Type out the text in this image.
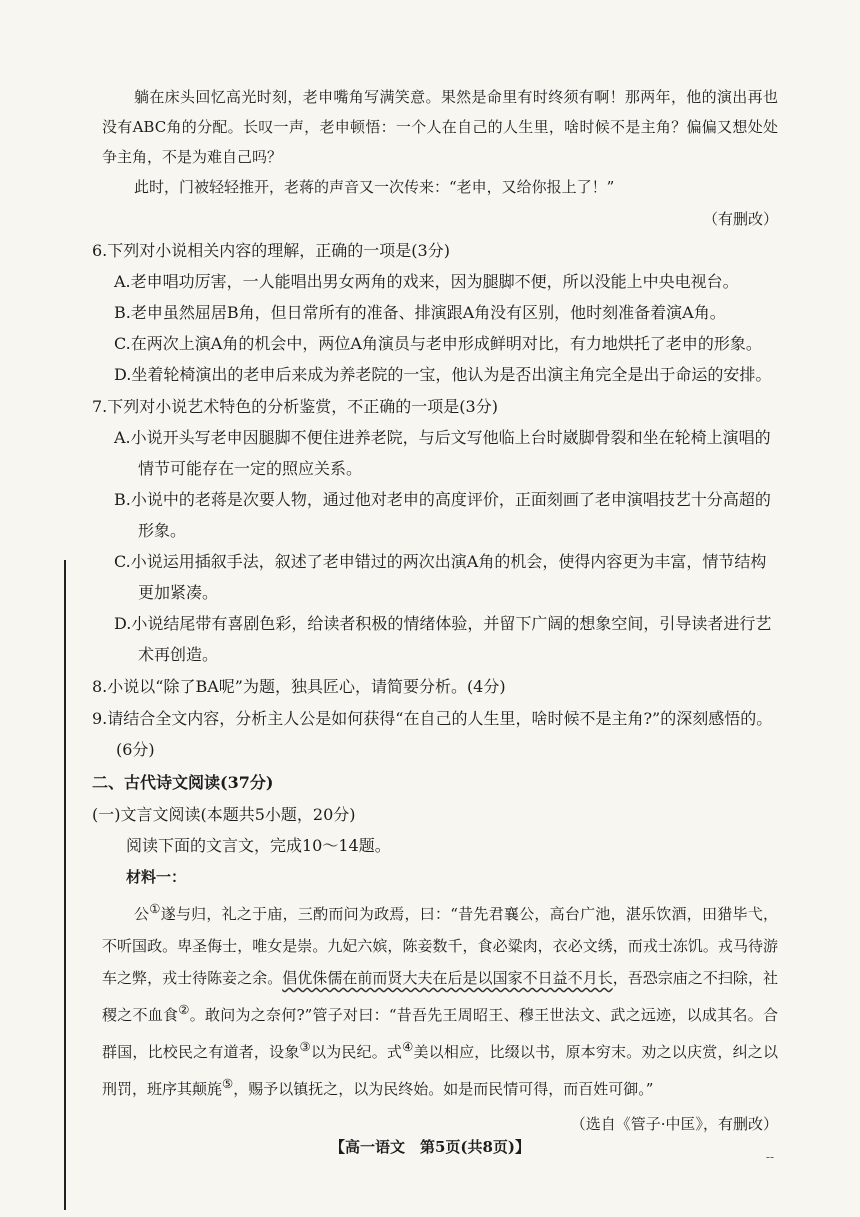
躺在床头回忆高光时刻，老申嘴角写满笑意。果然是命里有时终须有啊！那两年，他的演出再也没有ABC角的分配。长叹一声，老申顿悟：一个人在自己的人生里，啥时候不是主角？偏偏又想处处争主角，不是为难自己吗？

此时，门被轻轻推开，老蒋的声音又一次传来：“老申，又给你报上了！”

（有删改）

6.下列对小说相关内容的理解，正确的一项是(3分)

A.老申唱功厉害，一人能唱出男女两角的戏来，因为腿脚不便，所以没能上中央电视台。

B.老申虽然屈居B角，但日常所有的准备、排演跟A角没有区别，他时刻准备着演A角。

C.在两次上演A角的机会中，两位A角演员与老申形成鲜明对比，有力地烘托了老申的形象。

D.坐着轮椅演出的老申后来成为养老院的一宝，他认为是否出演主角完全是出于命运的安排。

7.下列对小说艺术特色的分析鉴赏，不正确的一项是(3分)

A.小说开头写老申因腿脚不便住进养老院，与后文写他临上台时崴脚骨裂和坐在轮椅上演唱的情节可能存在一定的照应关系。

B.小说中的老蒋是次要人物，通过他对老申的高度评价，正面刻画了老申演唱技艺十分高超的形象。

C.小说运用插叙手法，叙述了老申错过的两次出演A角的机会，使得内容更为丰富，情节结构更加紧凑。

D.小说结尾带有喜剧色彩，给读者积极的情绪体验，并留下广阔的想象空间，引导读者进行艺术再创造。

8.小说以“除了BA呢”为题，独具匠心，请简要分析。(4分)

9.请结合全文内容，分析主人公是如何获得“在自己的人生里，啥时候不是主角?”的深刻感悟的。(6分)

二、古代诗文阅读(37分)

(一)文言文阅读(本题共5小题，20分)

阅读下面的文言文，完成10～14题。

材料一：

公①遂与归，礼之于庙，三酌而问为政焉，曰：“昔先君襄公，高台广池，湛乐饮酒，田猎毕弋，不听国政。卑圣侮士，唯女是崇。九妃六嫔，陈妾数千，食必粱肉，衣必文绣，而戎士冻饥。戎马待游车之弊，戎士待陈妾之余。倡优侏儒在前而贤大夫在后是以国家不日益不月长，吾恐宗庙之不扫除，社稷之不血食②。敢问为之奈何?”管子对曰：“昔吾先王周昭王、穆王世法文、武之远迹，以成其名。合群国，比校民之有道者，设象③以为民纪。式④美以相应，比缀以书，原本穷末。劝之以庆赏，纠之以刑罚，班序其颠旄⑤，赐予以镇抚之，以为民终始。如是而民情可得，而百姓可御。”

（选自《管子·中匡》，有删改）

【高一语文　第5页(共8页)】
--
